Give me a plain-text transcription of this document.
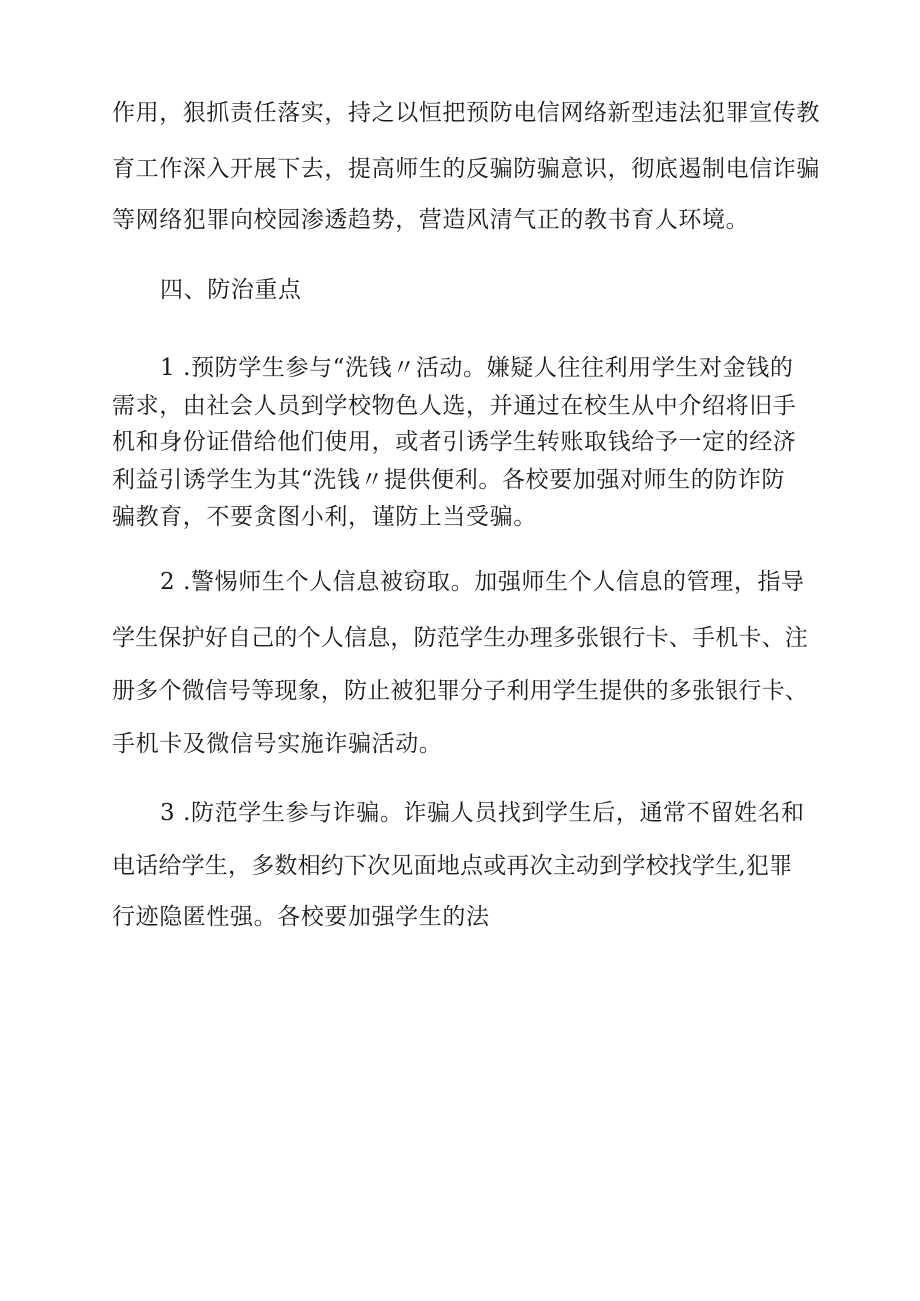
作用，狠抓责任落实，持之以恒把预防电信网络新型违法犯罪宣传教
育工作深入开展下去，提高师生的反骗防骗意识，彻底遏制电信诈骗
等网络犯罪向校园渗透趋势，营造风清气正的教书育人环境。
四、防治重点
1 .预防学生参与“洗钱〃活动。嫌疑人往往利用学生对金钱的
需求，由社会人员到学校物色人选，并通过在校生从中介绍将旧手
机和身份证借给他们使用，或者引诱学生转账取钱给予一定的经济
利益引诱学生为其“洗钱〃提供便利。各校要加强对师生的防诈防
骗教育，不要贪图小利，谨防上当受骗。
2 .警惕师生个人信息被窃取。加强师生个人信息的管理，指导
学生保护好自己的个人信息，防范学生办理多张银行卡、手机卡、注
册多个微信号等现象，防止被犯罪分子利用学生提供的多张银行卡、
手机卡及微信号实施诈骗活动。
3 .防范学生参与诈骗。诈骗人员找到学生后，通常不留姓名和
电话给学生，多数相约下次见面地点或再次主动到学校找学生,犯罪
行迹隐匿性强。各校要加强学生的法
